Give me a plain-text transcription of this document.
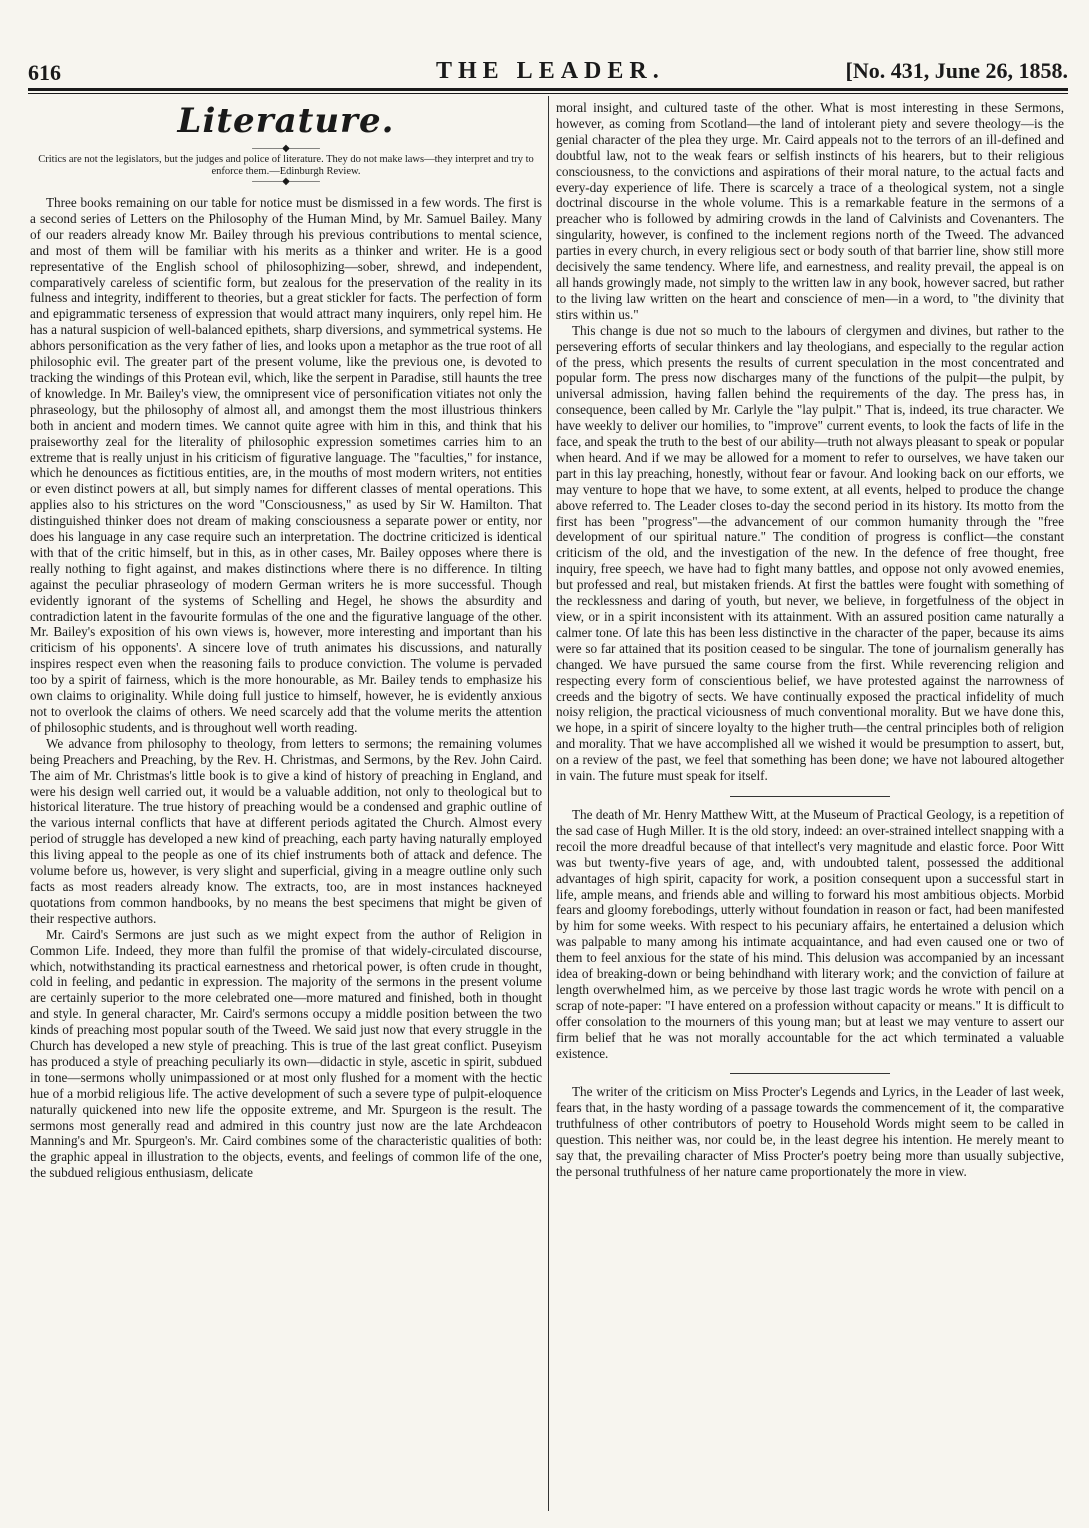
616	THE LEADER.	[No. 431, June 26, 1858.
Literature.
―――◆―――

Critics are not the legislators, but the judges and police of literature. They do not make laws—they interpret and try to enforce them.—Edinburgh Review.

―――◆―――

Three books remaining on our table for notice must be dismissed in a few words. The first is a second series of Letters on the Philosophy of the Human Mind, by Mr. Samuel Bailey. Many of our readers already know Mr. Bailey through his previous contributions to mental science, and most of them will be familiar with his merits as a thinker and writer. He is a good representative of the English school of philosophizing—sober, shrewd, and independent, comparatively careless of scientific form, but zealous for the preservation of the reality in its fulness and integrity, indifferent to theories, but a great stickler for facts. The perfection of form and epigrammatic terseness of expression that would attract many inquirers, only repel him. He has a natural suspicion of well-balanced epithets, sharp diversions, and symmetrical systems. He abhors personification as the very father of lies, and looks upon a metaphor as the true root of all philosophic evil. The greater part of the present volume, like the previous one, is devoted to tracking the windings of this Protean evil, which, like the serpent in Paradise, still haunts the tree of knowledge. In Mr. Bailey's view, the omnipresent vice of personification vitiates not only the phraseology, but the philosophy of almost all, and amongst them the most illustrious thinkers both in ancient and modern times. We cannot quite agree with him in this, and think that his praiseworthy zeal for the literality of philosophic expression sometimes carries him to an extreme that is really unjust in his criticism of figurative language. The "faculties," for instance, which he denounces as fictitious entities, are, in the mouths of most modern writers, not entities or even distinct powers at all, but simply names for different classes of mental operations. This applies also to his strictures on the word "Consciousness," as used by Sir W. Hamilton. That distinguished thinker does not dream of making consciousness a separate power or entity, nor does his language in any case require such an interpretation. The doctrine criticized is identical with that of the critic himself, but in this, as in other cases, Mr. Bailey opposes where there is really nothing to fight against, and makes distinctions where there is no difference. In tilting against the peculiar phraseology of modern German writers he is more successful. Though evidently ignorant of the systems of Schelling and Hegel, he shows the absurdity and contradiction latent in the favourite formulas of the one and the figurative language of the other. Mr. Bailey's exposition of his own views is, however, more interesting and important than his criticism of his opponents'. A sincere love of truth animates his discussions, and naturally inspires respect even when the reasoning fails to produce conviction. The volume is pervaded too by a spirit of fairness, which is the more honourable, as Mr. Bailey tends to emphasize his own claims to originality. While doing full justice to himself, however, he is evidently anxious not to overlook the claims of others. We need scarcely add that the volume merits the attention of philosophic students, and is throughout well worth reading.

We advance from philosophy to theology, from letters to sermons; the remaining volumes being Preachers and Preaching, by the Rev. H. Christmas, and Sermons, by the Rev. John Caird. The aim of Mr. Christmas's little book is to give a kind of history of preaching in England, and were his design well carried out, it would be a valuable addition, not only to theological but to historical literature. The true history of preaching would be a condensed and graphic outline of the various internal conflicts that have at different periods agitated the Church. Almost every period of struggle has developed a new kind of preaching, each party having naturally employed this living appeal to the people as one of its chief instruments both of attack and defence. The volume before us, however, is very slight and superficial, giving in a meagre outline only such facts as most readers already know. The extracts, too, are in most instances hackneyed quotations from common handbooks, by no means the best specimens that might be given of their respective authors.

Mr. Caird's Sermons are just such as we might expect from the author of Religion in Common Life. Indeed, they more than fulfil the promise of that widely-circulated discourse, which, notwithstanding its practical earnestness and rhetorical power, is often crude in thought, cold in feeling, and pedantic in expression. The majority of the sermons in the present volume are certainly superior to the more celebrated one—more matured and finished, both in thought and style. In general character, Mr. Caird's sermons occupy a middle position between the two kinds of preaching most popular south of the Tweed. We said just now that every struggle in the Church has developed a new style of preaching. This is true of the last great conflict. Puseyism has produced a style of preaching peculiarly its own—didactic in style, ascetic in spirit, subdued in tone—sermons wholly unimpassioned or at most only flushed for a moment with the hectic hue of a morbid religious life. The active development of such a severe type of pulpit-eloquence naturally quickened into new life the opposite extreme, and Mr. Spurgeon is the result. The sermons most generally read and admired in this country just now are the late Archdeacon Manning's and Mr. Spurgeon's. Mr. Caird combines some of the characteristic qualities of both: the graphic appeal in illustration to the objects, events, and feelings of common life of the one, the subdued religious enthusiasm, delicate

moral insight, and cultured taste of the other. What is most interesting in these Sermons, however, as coming from Scotland—the land of intolerant piety and severe theology—is the genial character of the plea they urge. Mr. Caird appeals not to the terrors of an ill-defined and doubtful law, not to the weak fears or selfish instincts of his hearers, but to their religious consciousness, to the convictions and aspirations of their moral nature, to the actual facts and every-day experience of life. There is scarcely a trace of a theological system, not a single doctrinal discourse in the whole volume. This is a remarkable feature in the sermons of a preacher who is followed by admiring crowds in the land of Calvinists and Covenanters. The singularity, however, is confined to the inclement regions north of the Tweed. The advanced parties in every church, in every religious sect or body south of that barrier line, show still more decisively the same tendency. Where life, and earnestness, and reality prevail, the appeal is on all hands growingly made, not simply to the written law in any book, however sacred, but rather to the living law written on the heart and conscience of men—in a word, to "the divinity that stirs within us."

This change is due not so much to the labours of clergymen and divines, but rather to the persevering efforts of secular thinkers and lay theologians, and especially to the regular action of the press, which presents the results of current speculation in the most concentrated and popular form. The press now discharges many of the functions of the pulpit—the pulpit, by universal admission, having fallen behind the requirements of the day. The press has, in consequence, been called by Mr. Carlyle the "lay pulpit." That is, indeed, its true character. We have weekly to deliver our homilies, to "improve" current events, to look the facts of life in the face, and speak the truth to the best of our ability—truth not always pleasant to speak or popular when heard. And if we may be allowed for a moment to refer to ourselves, we have taken our part in this lay preaching, honestly, without fear or favour. And looking back on our efforts, we may venture to hope that we have, to some extent, at all events, helped to produce the change above referred to. The Leader closes to-day the second period in its history. Its motto from the first has been "progress"—the advancement of our common humanity through the "free development of our spiritual nature." The condition of progress is conflict—the constant criticism of the old, and the investigation of the new. In the defence of free thought, free inquiry, free speech, we have had to fight many battles, and oppose not only avowed enemies, but professed and real, but mistaken friends. At first the battles were fought with something of the recklessness and daring of youth, but never, we believe, in forgetfulness of the object in view, or in a spirit inconsistent with its attainment. With an assured position came naturally a calmer tone. Of late this has been less distinctive in the character of the paper, because its aims were so far attained that its position ceased to be singular. The tone of journalism generally has changed. We have pursued the same course from the first. While reverencing religion and respecting every form of conscientious belief, we have protested against the narrowness of creeds and the bigotry of sects. We have continually exposed the practical infidelity of much noisy religion, the practical viciousness of much conventional morality. But we have done this, we hope, in a spirit of sincere loyalty to the higher truth—the central principles both of religion and morality. That we have accomplished all we wished it would be presumption to assert, but, on a review of the past, we feel that something has been done; we have not laboured altogether in vain. The future must speak for itself.

The death of Mr. Henry Matthew Witt, at the Museum of Practical Geology, is a repetition of the sad case of Hugh Miller. It is the old story, indeed: an over-strained intellect snapping with a recoil the more dreadful because of that intellect's very magnitude and elastic force. Poor Witt was but twenty-five years of age, and, with undoubted talent, possessed the additional advantages of high spirit, capacity for work, a position consequent upon a successful start in life, ample means, and friends able and willing to forward his most ambitious objects. Morbid fears and gloomy forebodings, utterly without foundation in reason or fact, had been manifested by him for some weeks. With respect to his pecuniary affairs, he entertained a delusion which was palpable to many among his intimate acquaintance, and had even caused one or two of them to feel anxious for the state of his mind. This delusion was accompanied by an incessant idea of breaking-down or being behindhand with literary work; and the conviction of failure at length overwhelmed him, as we perceive by those last tragic words he wrote with pencil on a scrap of note-paper: "I have entered on a profession without capacity or means." It is difficult to offer consolation to the mourners of this young man; but at least we may venture to assert our firm belief that he was not morally accountable for the act which terminated a valuable existence.

The writer of the criticism on Miss Procter's Legends and Lyrics, in the Leader of last week, fears that, in the hasty wording of a passage towards the commencement of it, the comparative truthfulness of other contributors of poetry to Household Words might seem to be called in question. This neither was, nor could be, in the least degree his intention. He merely meant to say that, the prevailing character of Miss Procter's poetry being more than usually subjective, the personal truthfulness of her nature came proportionately the more in view.
